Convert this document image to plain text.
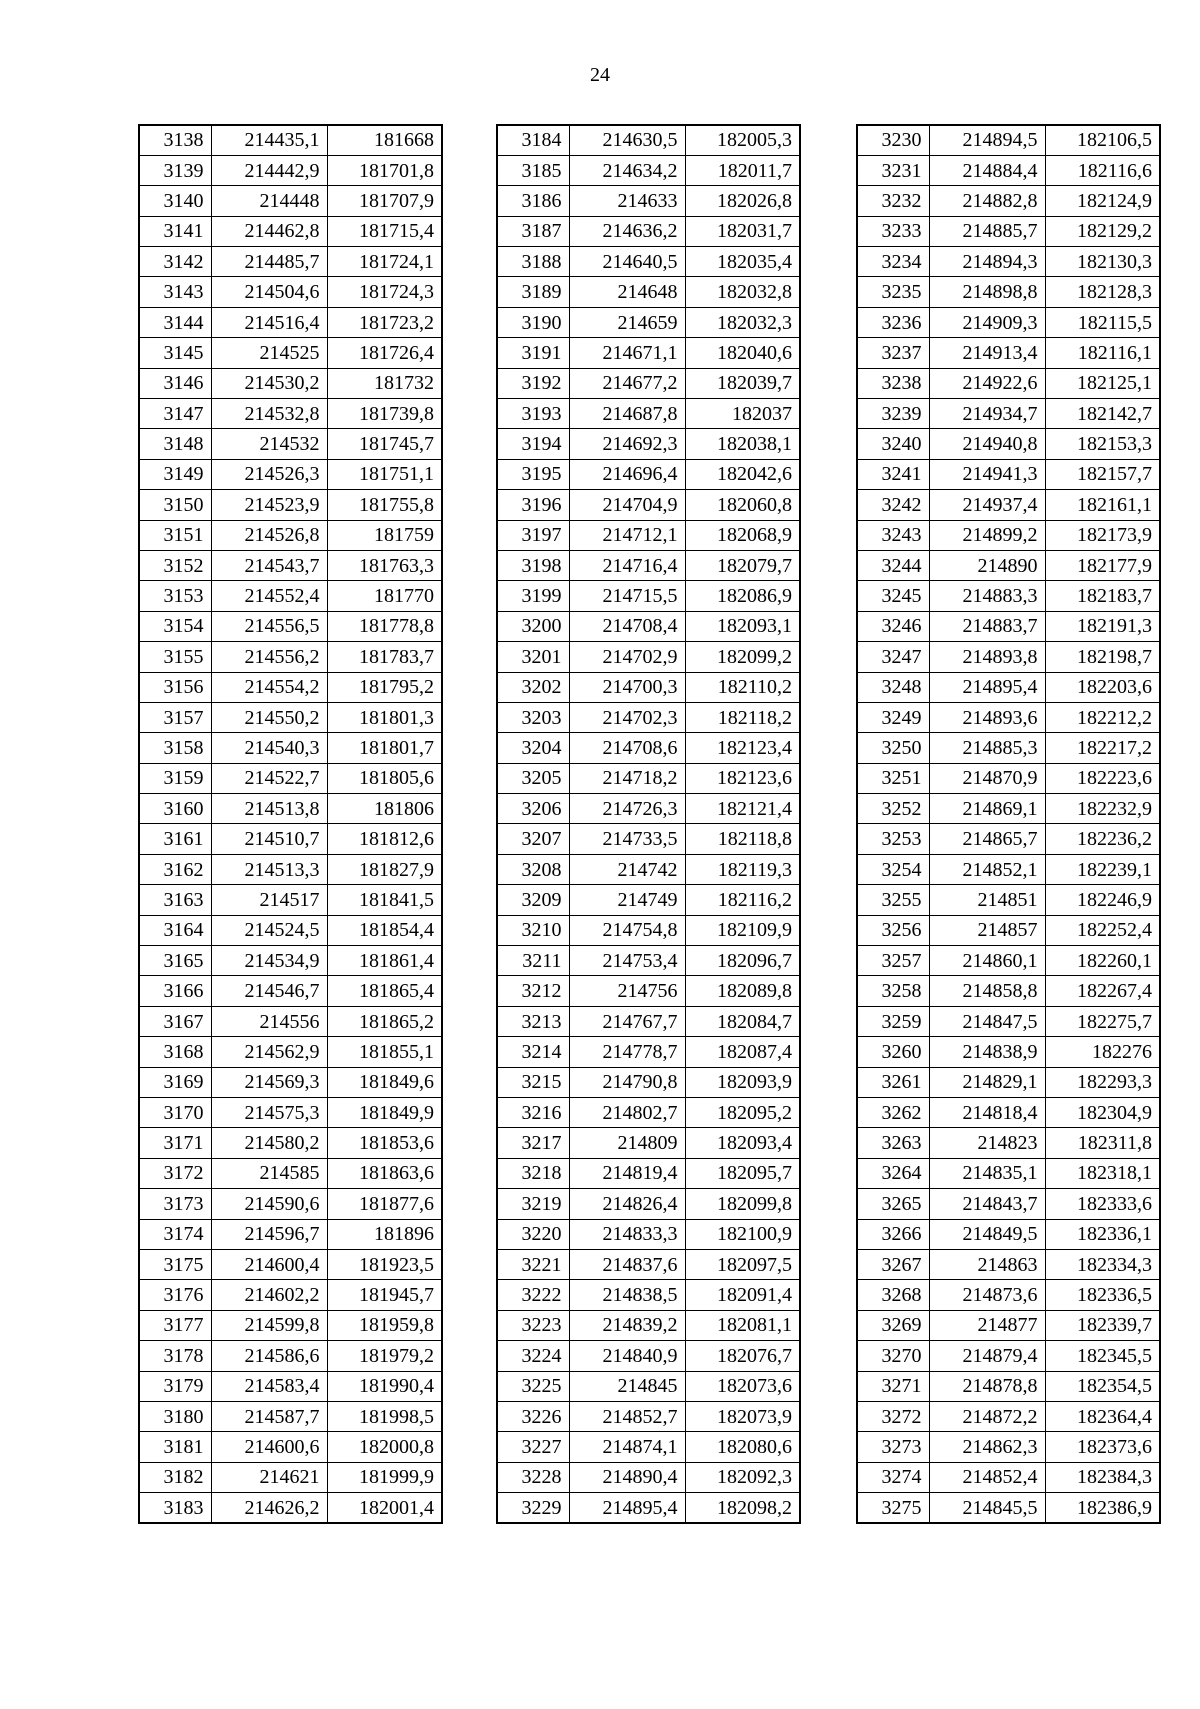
24
3138	214435,1	181668
3139	214442,9	181701,8
3140	214448	181707,9
3141	214462,8	181715,4
3142	214485,7	181724,1
3143	214504,6	181724,3
3144	214516,4	181723,2
3145	214525	181726,4
3146	214530,2	181732
3147	214532,8	181739,8
3148	214532	181745,7
3149	214526,3	181751,1
3150	214523,9	181755,8
3151	214526,8	181759
3152	214543,7	181763,3
3153	214552,4	181770
3154	214556,5	181778,8
3155	214556,2	181783,7
3156	214554,2	181795,2
3157	214550,2	181801,3
3158	214540,3	181801,7
3159	214522,7	181805,6
3160	214513,8	181806
3161	214510,7	181812,6
3162	214513,3	181827,9
3163	214517	181841,5
3164	214524,5	181854,4
3165	214534,9	181861,4
3166	214546,7	181865,4
3167	214556	181865,2
3168	214562,9	181855,1
3169	214569,3	181849,6
3170	214575,3	181849,9
3171	214580,2	181853,6
3172	214585	181863,6
3173	214590,6	181877,6
3174	214596,7	181896
3175	214600,4	181923,5
3176	214602,2	181945,7
3177	214599,8	181959,8
3178	214586,6	181979,2
3179	214583,4	181990,4
3180	214587,7	181998,5
3181	214600,6	182000,8
3182	214621	181999,9
3183	214626,2	182001,4
3184	214630,5	182005,3
3185	214634,2	182011,7
3186	214633	182026,8
3187	214636,2	182031,7
3188	214640,5	182035,4
3189	214648	182032,8
3190	214659	182032,3
3191	214671,1	182040,6
3192	214677,2	182039,7
3193	214687,8	182037
3194	214692,3	182038,1
3195	214696,4	182042,6
3196	214704,9	182060,8
3197	214712,1	182068,9
3198	214716,4	182079,7
3199	214715,5	182086,9
3200	214708,4	182093,1
3201	214702,9	182099,2
3202	214700,3	182110,2
3203	214702,3	182118,2
3204	214708,6	182123,4
3205	214718,2	182123,6
3206	214726,3	182121,4
3207	214733,5	182118,8
3208	214742	182119,3
3209	214749	182116,2
3210	214754,8	182109,9
3211	214753,4	182096,7
3212	214756	182089,8
3213	214767,7	182084,7
3214	214778,7	182087,4
3215	214790,8	182093,9
3216	214802,7	182095,2
3217	214809	182093,4
3218	214819,4	182095,7
3219	214826,4	182099,8
3220	214833,3	182100,9
3221	214837,6	182097,5
3222	214838,5	182091,4
3223	214839,2	182081,1
3224	214840,9	182076,7
3225	214845	182073,6
3226	214852,7	182073,9
3227	214874,1	182080,6
3228	214890,4	182092,3
3229	214895,4	182098,2
3230	214894,5	182106,5
3231	214884,4	182116,6
3232	214882,8	182124,9
3233	214885,7	182129,2
3234	214894,3	182130,3
3235	214898,8	182128,3
3236	214909,3	182115,5
3237	214913,4	182116,1
3238	214922,6	182125,1
3239	214934,7	182142,7
3240	214940,8	182153,3
3241	214941,3	182157,7
3242	214937,4	182161,1
3243	214899,2	182173,9
3244	214890	182177,9
3245	214883,3	182183,7
3246	214883,7	182191,3
3247	214893,8	182198,7
3248	214895,4	182203,6
3249	214893,6	182212,2
3250	214885,3	182217,2
3251	214870,9	182223,6
3252	214869,1	182232,9
3253	214865,7	182236,2
3254	214852,1	182239,1
3255	214851	182246,9
3256	214857	182252,4
3257	214860,1	182260,1
3258	214858,8	182267,4
3259	214847,5	182275,7
3260	214838,9	182276
3261	214829,1	182293,3
3262	214818,4	182304,9
3263	214823	182311,8
3264	214835,1	182318,1
3265	214843,7	182333,6
3266	214849,5	182336,1
3267	214863	182334,3
3268	214873,6	182336,5
3269	214877	182339,7
3270	214879,4	182345,5
3271	214878,8	182354,5
3272	214872,2	182364,4
3273	214862,3	182373,6
3274	214852,4	182384,3
3275	214845,5	182386,9
